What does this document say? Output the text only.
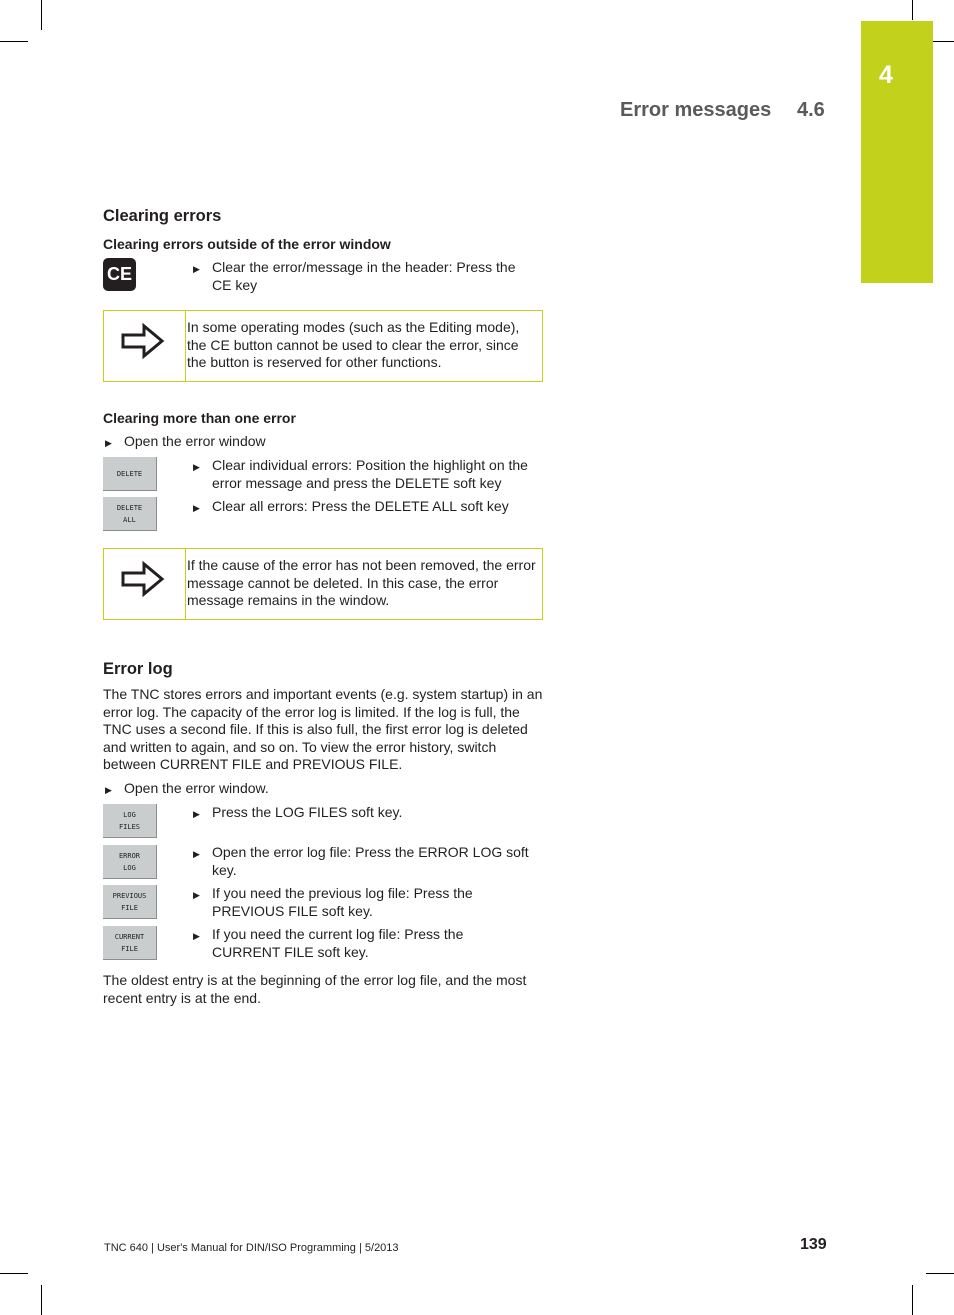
4
Error messages 4.6
Clearing errors
Clearing errors outside of the error window
CE	▶ Clear the error/message in the header: Press the CE key
In some operating modes (such as the Editing mode), the CE button cannot be used to clear the error, since the button is reserved for other functions.
Clearing more than one error
▶ Open the error window
DELETE
DELETE
ALL
▶ Clear individual errors: Position the highlight on the error message and press the DELETE soft key
▶ Clear all errors: Press the DELETE ALL soft key
If the cause of the error has not been removed, the error message cannot be deleted. In this case, the error message remains in the window.
Error log
The TNC stores errors and important events (e.g. system startup) in an error log. The capacity of the error log is limited. If the log is full, the TNC uses a second file. If this is also full, the first error log is deleted and written to again, and so on. To view the error history, switch between CURRENT FILE and PREVIOUS FILE.
▶ Open the error window.
LOG
FILES
ERROR
LOG
PREVIOUS
FILE
CURRENT
FILE
▶ Press the LOG FILES soft key.
▶ Open the error log file: Press the ERROR LOG soft key.
▶ If you need the previous log file: Press the PREVIOUS FILE soft key.
▶ If you need the current log file: Press the CURRENT FILE soft key.
The oldest entry is at the beginning of the error log file, and the most recent entry is at the end.
TNC 640 | User's Manual for DIN/ISO Programming | 5/2013	139
